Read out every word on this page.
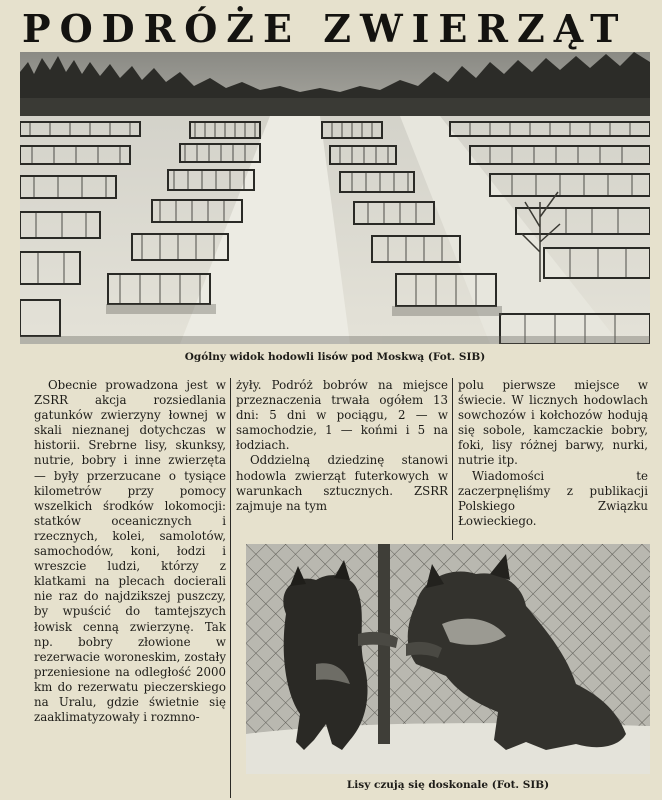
PODRÓŻE ZWIERZĄT
Ogólny widok hodowli lisów pod Moskwą (Fot. SIB)

Obecnie prowadzona jest w ZSRR akcja rozsiedlania gatunków zwierzyny łownej w skali nieznanej dotychczas w historii. Srebrne lisy, skunksy, nutrie, bobry i inne zwierzęta — były przerzucane o tysiące kilometrów przy pomocy wszelkich środków lokomocji: statków oceanicznych i rzecznych, kolei, samolotów, samochodów, koni, łodzi i wreszcie ludzi, którzy z klatkami na plecach docierali nie raz do najdzikszej puszczy, by wpuścić do tamtejszych łowisk cenną zwierzynę. Tak np. bobry złowione w rezerwacie woroneskim, zostały przeniesione na odległość 2000 km do rezerwatu pieczerskiego na Uralu, gdzie świetnie się zaaklimatyzowały i rozmno-

żyły. Podróż bobrów na miejsce przeznaczenia trwała ogółem 13 dni: 5 dni w pociągu, 2 — w samochodzie, 1 — końmi i 5 na łodziach.

Oddzielną dziedzinę stanowi hodowla zwierząt futerkowych w warunkach sztucznych. ZSRR zajmuje na tym

polu pierwsze miejsce w świecie. W licznych hodowlach sowchozów i kołchozów hodują się sobole, kamczackie bobry, foki, lisy różnej barwy, nurki, nutrie itp.

Wiadomości te zaczerpnęliśmy z publikacji Polskiego Związku Łowieckiego.

Lisy czują się doskonale (Fot. SIB)
